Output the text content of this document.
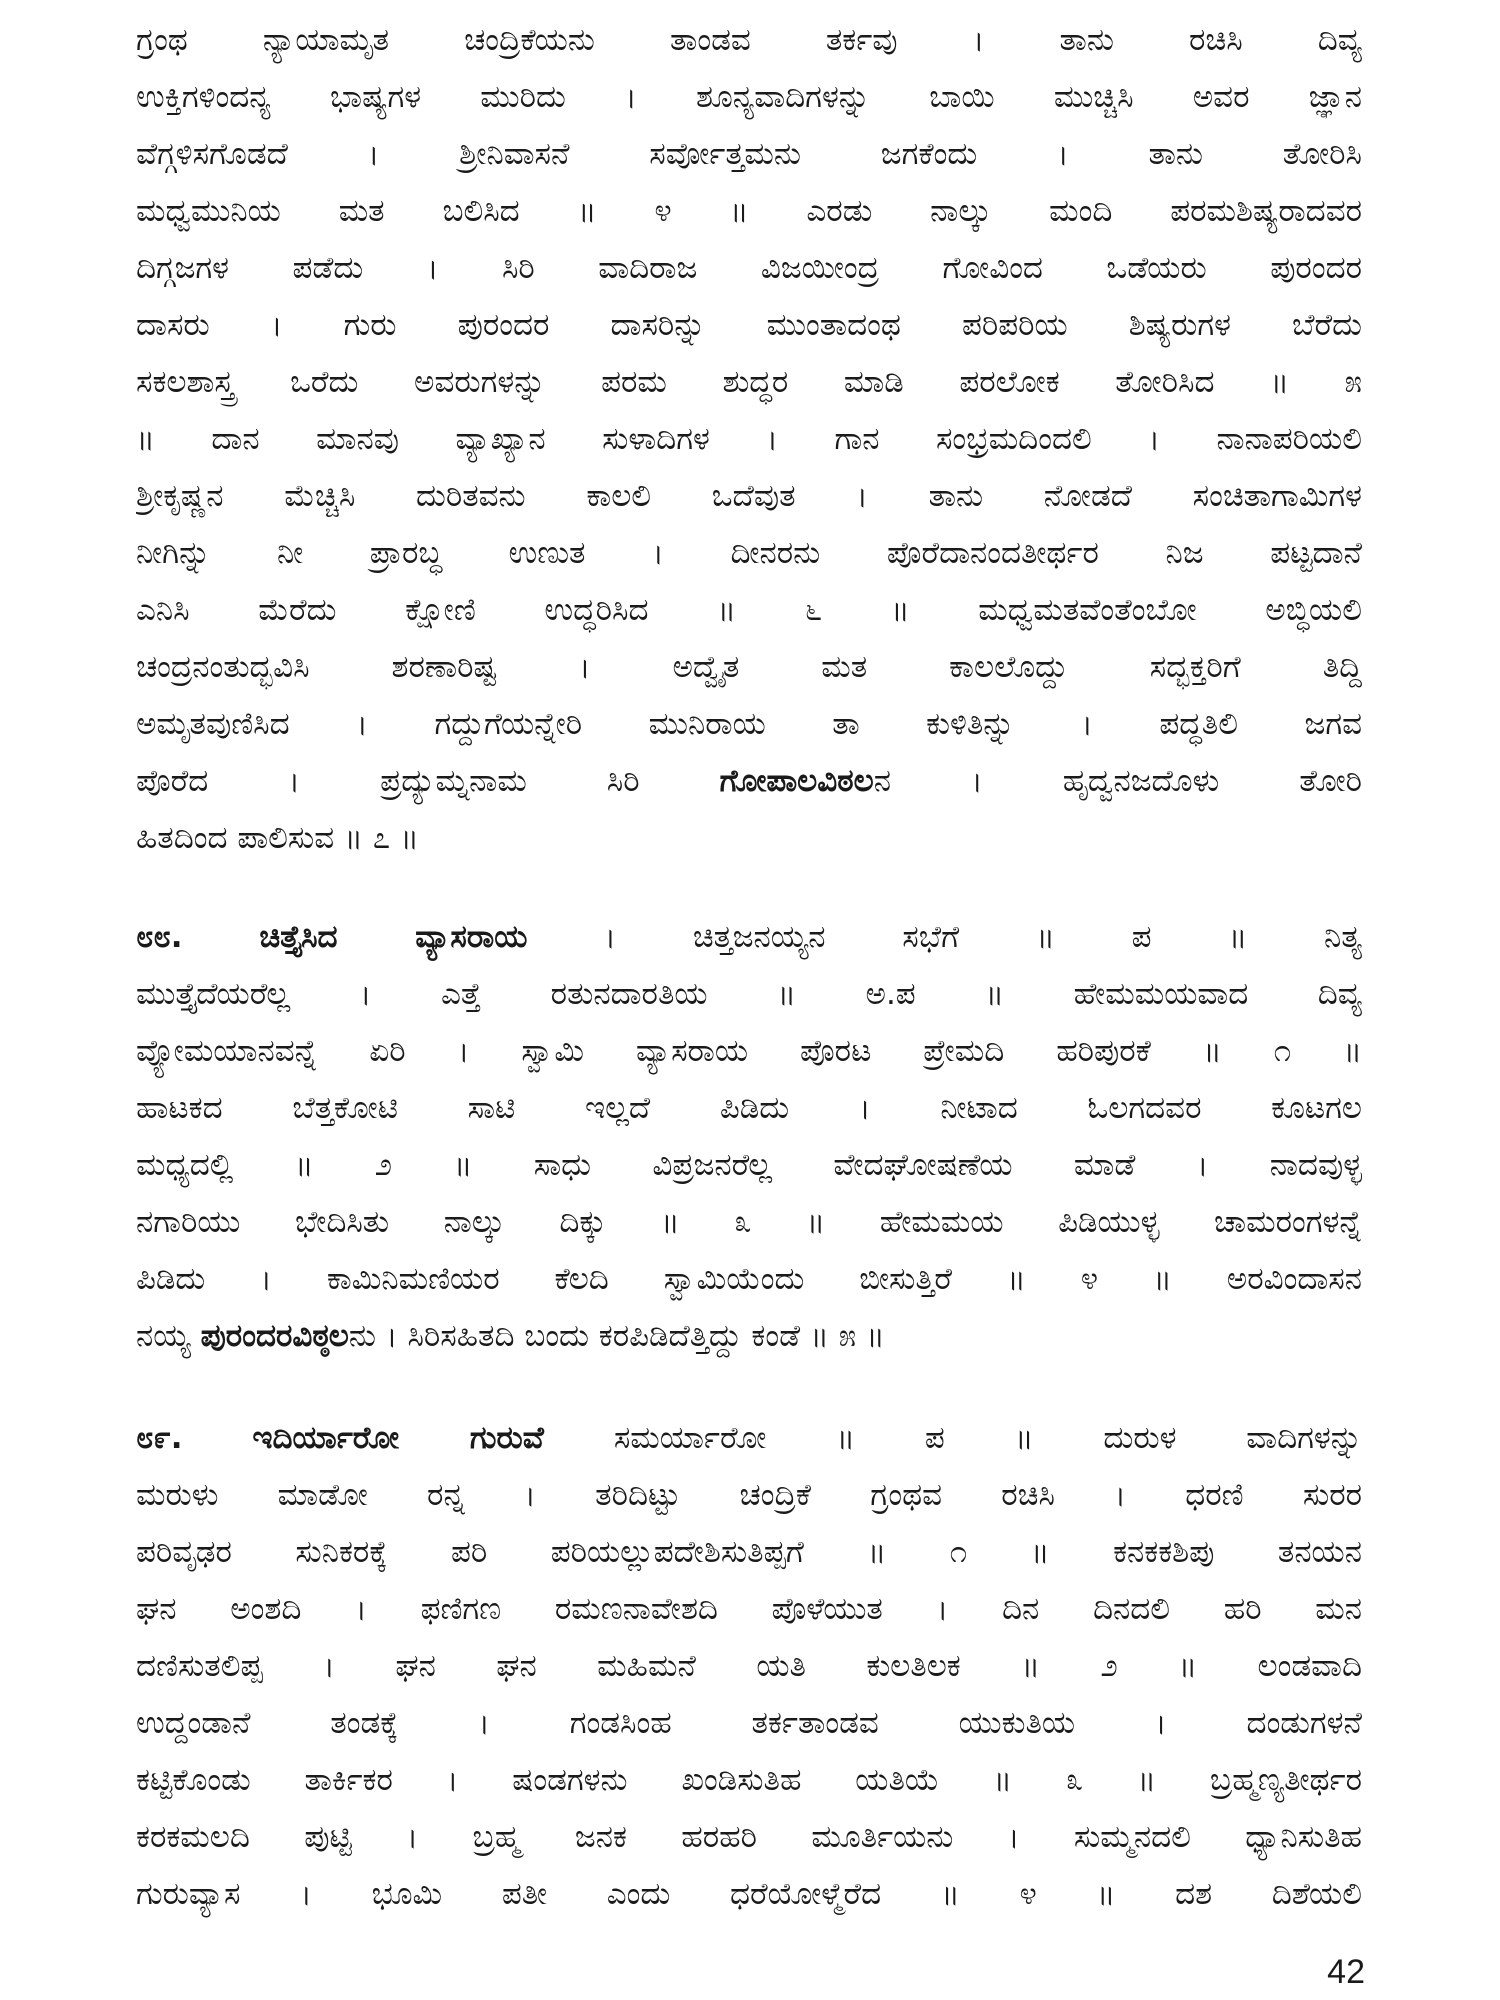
ಗ್ರಂಥ ನ್ಯಾಯಾಮೃತ ಚಂದ್ರಿಕೆಯನು ತಾಂಡವ ತರ್ಕವು । ತಾನು ರಚಿಸಿ ದಿವ್ಯ
ಉಕ್ತಿಗಳಿಂದನ್ಯ ಭಾಷ್ಯಗಳ ಮುರಿದು । ಶೂನ್ಯವಾದಿಗಳನ್ನು ಬಾಯಿ ಮುಚ್ಚಿಸಿ ಅವರ ಜ್ಞಾನ
ವೆಗ್ಗಳಿಸಗೊಡದೆ । ಶ್ರೀನಿವಾಸನೆ ಸರ್ವೋತ್ತಮನು ಜಗಕೆಂದು । ತಾನು ತೋರಿಸಿ
ಮಧ್ವಮುನಿಯ ಮತ ಬಲಿಸಿದ ॥ ೪ ॥ ಎರಡು ನಾಲ್ಕು ಮಂದಿ ಪರಮಶಿಷ್ಯರಾದವರ
ದಿಗ್ಗಜಗಳ ಪಡೆದು । ಸಿರಿ ವಾದಿರಾಜ ವಿಜಯೀಂದ್ರ ಗೋವಿಂದ ಒಡೆಯರು ಪುರಂದರ
ದಾಸರು । ಗುರು ಪುರಂದರ ದಾಸರಿನ್ನು ಮುಂತಾದಂಥ ಪರಿಪರಿಯ ಶಿಷ್ಯರುಗಳ ಬೆರೆದು
ಸಕಲಶಾಸ್ತ್ರ ಒರೆದು ಅವರುಗಳನ್ನು ಪರಮ ಶುದ್ಧರ ಮಾಡಿ ಪರಲೋಕ ತೋರಿಸಿದ ॥ ೫
॥ ದಾನ ಮಾನವು ವ್ಯಾಖ್ಯಾನ ಸುಳಾದಿಗಳ । ಗಾನ ಸಂಭ್ರಮದಿಂದಲಿ । ನಾನಾಪರಿಯಲಿ
ಶ್ರೀಕೃಷ್ಣನ ಮೆಚ್ಚಿಸಿ ದುರಿತವನು ಕಾಲಲಿ ಒದೆವುತ । ತಾನು ನೋಡದೆ ಸಂಚಿತಾಗಾಮಿಗಳ
ನೀಗಿನ್ನು ನೀ ಪ್ರಾರಬ್ಧ ಉಣುತ । ದೀನರನು ಪೊರೆದಾನಂದತೀರ್ಥರ ನಿಜ ಪಟ್ಟದಾನೆ
ಎನಿಸಿ ಮೆರೆದು ಕ್ಷೋಣಿ ಉದ್ಧರಿಸಿದ ॥ ೬ ॥ ಮಧ್ವಮತವೆಂತೆಂಬೋ ಅಬ್ಧಿಯಲಿ
ಚಂದ್ರನಂತುದ್ಭವಿಸಿ ಶರಣಾರಿಷ್ಟ । ಅದ್ವೈತ ಮತ ಕಾಲಲೊದ್ದು ಸದ್ಭಕ್ತರಿಗೆ ತಿದ್ದಿ
ಅಮೃತವುಣಿಸಿದ । ಗದ್ದುಗೆಯನ್ನೇರಿ ಮುನಿರಾಯ ತಾ ಕುಳಿತಿನ್ನು । ಪದ್ಧತಿಲಿ ಜಗವ
ಪೊರೆದ । ಪ್ರದ್ಯುಮ್ನನಾಮ ಸಿರಿ	ಗೋಪಾಲವಿಠಲನ । ಹೃದ್ವನಜದೊಳು ತೋರಿ
ಹಿತದಿಂದ ಪಾಲಿಸುವ ॥ ೭ ॥
೮೮. ಚಿತ್ತೈಸಿದ ವ್ಯಾಸರಾಯ । ಚಿತ್ತಜನಯ್ಯನ ಸಭೆಗೆ ॥ ಪ ॥ ನಿತ್ಯ
ಮುತ್ತೈದೆಯರೆಲ್ಲ । ಎತ್ತೆ ರತುನದಾರತಿಯ ॥ ಅ.ಪ ॥ ಹೇಮಮಯವಾದ ದಿವ್ಯ
ವ್ಯೋಮಯಾನವನ್ನೆ ಏರಿ । ಸ್ವಾಮಿ ವ್ಯಾಸರಾಯ ಪೊರಟ ಪ್ರೇಮದಿ ಹರಿಪುರಕೆ ॥ ೧ ॥
ಹಾಟಕದ ಬೆತ್ತಕೋಟಿ ಸಾಟಿ ಇಲ್ಲದೆ ಪಿಡಿದು । ನೀಟಾದ ಓಲಗದವರ ಕೂಟಗಲ
ಮಧ್ಯದಲ್ಲಿ ॥ ೨ ॥ ಸಾಧು ವಿಪ್ರಜನರೆಲ್ಲ ವೇದಘೋಷಣೆಯ ಮಾಡೆ । ನಾದವುಳ್ಳ
ನಗಾರಿಯು ಭೇದಿಸಿತು ನಾಲ್ಕು ದಿಕ್ಕು ॥ ೩ ॥ ಹೇಮಮಯ ಪಿಡಿಯುಳ್ಳ ಚಾಮರಂಗಳನ್ನೆ
ಪಿಡಿದು । ಕಾಮಿನಿಮಣಿಯರ ಕೆಲದಿ ಸ್ವಾಮಿಯೆಂದು ಬೀಸುತ್ತಿರೆ ॥ ೪ ॥ ಅರವಿಂದಾಸನ
ನಯ್ಯ ಪುರಂದರವಿಠ್ಠಲನು । ಸಿರಿಸಹಿತದಿ ಬಂದು ಕರಪಿಡಿದೆತ್ತಿದ್ದು ಕಂಡೆ ॥ ೫ ॥
೮೯. ಇದಿರ್ಯಾರೋ ಗುರುವೆ ಸಮರ್ಯಾರೋ ॥ ಪ ॥ ದುರುಳ ವಾದಿಗಳನ್ನು
ಮರುಳು ಮಾಡೋ ರನ್ನ । ತರಿದಿಟ್ಟು ಚಂದ್ರಿಕೆ ಗ್ರಂಥವ ರಚಿಸಿ । ಧರಣಿ ಸುರರ
ಪರಿವೃಢರ ಸುನಿಕರಕ್ಕೆ ಪರಿ ಪರಿಯಲ್ಲುಪದೇಶಿಸುತಿಪ್ಪಗೆ ॥ ೧ ॥ ಕನಕಕಶಿಪು ತನಯನ
ಘನ ಅಂಶದಿ । ಫಣಿಗಣ ರಮಣನಾವೇಶದಿ ಪೊಳೆಯುತ । ದಿನ ದಿನದಲಿ ಹರಿ ಮನ
ದಣಿಸುತಲಿಪ್ಪ । ಘನ ಘನ ಮಹಿಮನೆ ಯತಿ ಕುಲತಿಲಕ ॥ ೨ ॥ ಲಂಡವಾದಿ
ಉದ್ದಂಡಾನೆ ತಂಡಕ್ಕೆ । ಗಂಡಸಿಂಹ ತರ್ಕತಾಂಡವ ಯುಕುತಿಯ । ದಂಡುಗಳನೆ
ಕಟ್ಟಿಕೊಂಡು ತಾರ್ಕಿಕರ । ಷಂಡಗಳನು ಖಂಡಿಸುತಿಹ ಯತಿಯೆ ॥ ೩ ॥ ಬ್ರಹ್ಮಣ್ಯತೀರ್ಥರ
ಕರಕಮಲದಿ ಪುಟ್ಟಿ । ಬ್ರಹ್ಮ ಜನಕ ಹರಹರಿ ಮೂರ್ತಿಯನು । ಸುಮ್ಮನದಲಿ ಧ್ಯಾನಿಸುತಿಹ
ಗುರುವ್ಯಾಸ । ಭೂಮಿ ಪತೀ ಎಂದು ಧರೆಯೋಳ್ಮೆರೆದ ॥ ೪ ॥ ದಶ ದಿಶೆಯಲಿ
42
